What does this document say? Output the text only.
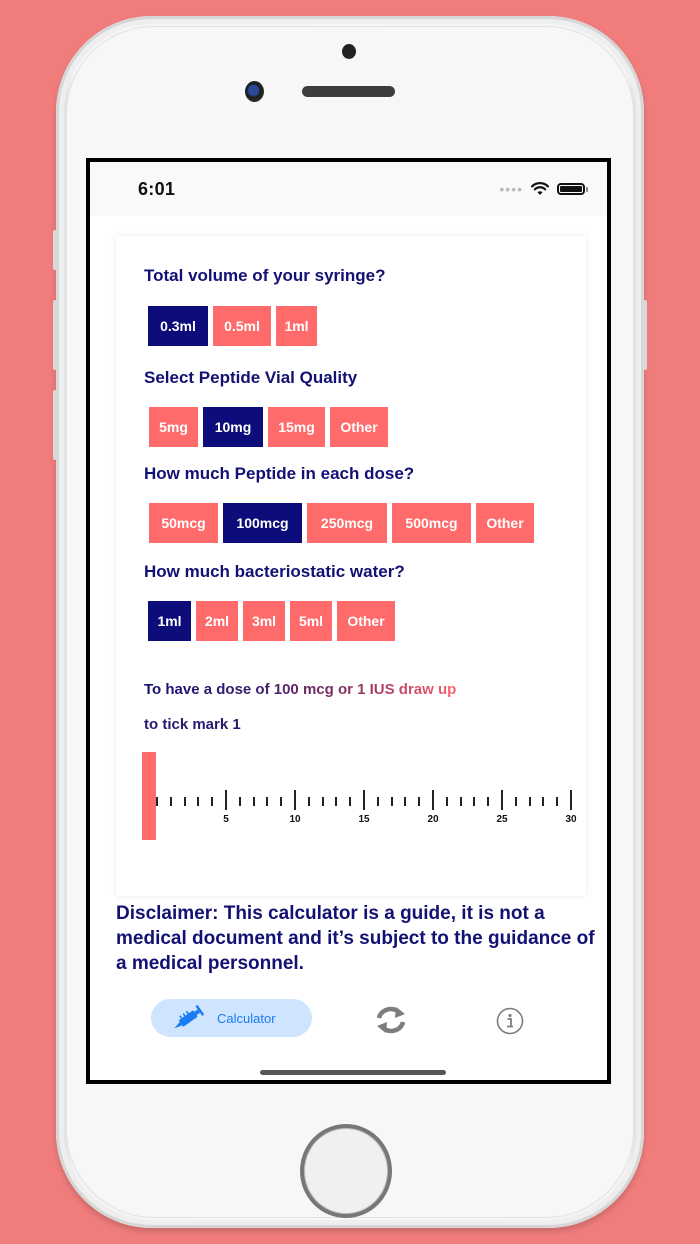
6:01	••••
Total volume of your syringe?
0.3ml	0.5ml	1ml
Select Peptide Vial Quality
5mg	10mg	15mg	Other
How much Peptide in each dose?
50mcg	100mcg	250mcg	500mcg	Other
How much bacteriostatic water?
1ml	2ml	3ml	5ml	Other
To have a dose of 100 mcg or 1 IUS draw up
to tick mark 1
5	10	15	20	25	30
Disclaimer: This calculator is a guide, it is not a medical document and it’s subject to the guidance of a medical personnel.
Calculator
